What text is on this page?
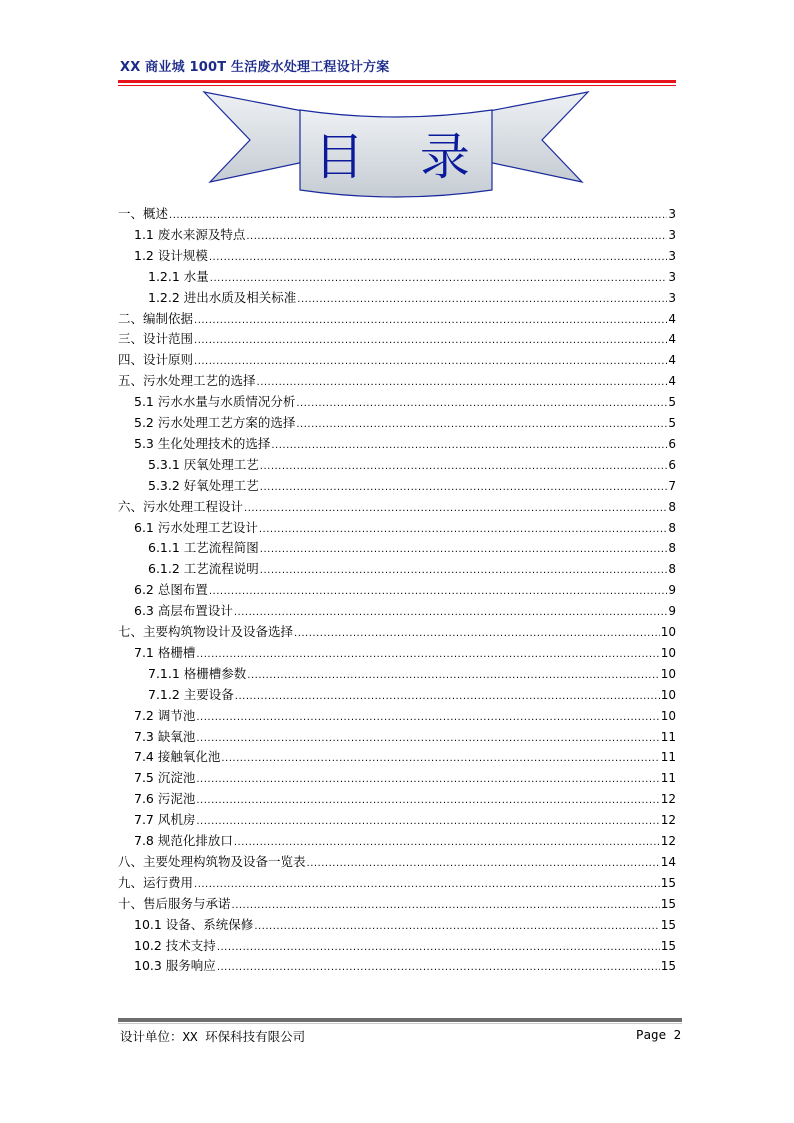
XX 商业城 100T 生活废水处理工程设计方案
目  录
一、概述 .....	3
1.1 废水来源及特点 .....	3
1.2 设计规模 .....	3
1.2.1 水量 .....	3
1.2.2 进出水质及相关标准 .....	3
二、编制依据 .....	4
三、设计范围 .....	4
四、设计原则 .....	4
五、污水处理工艺的选择 .....	4
5.1 污水水量与水质情况分析 .....	5
5.2 污水处理工艺方案的选择 .....	5
5.3 生化处理技术的选择 .....	6
5.3.1 厌氧处理工艺 .....	6
5.3.2 好氧处理工艺 .....	7
六、污水处理工程设计 .....	8
6.1 污水处理工艺设计 .....	8
6.1.1 工艺流程简图 .....	8
6.1.2 工艺流程说明 .....	8
6.2 总图布置 .....	9
6.3 高层布置设计 .....	9
七、主要构筑物设计及设备选择 .....	10
7.1 格栅槽 .....	10
7.1.1 格栅槽参数 .....	10
7.1.2 主要设备 .....	10
7.2 调节池 .....	10
7.3 缺氧池 .....	11
7.4 接触氧化池 .....	11
7.5 沉淀池 .....	11
7.6 污泥池 .....	12
7.7 风机房 .....	12
7.8 规范化排放口 .....	12
八、主要处理构筑物及设备一览表 .....	14
九、运行费用 .....	15
十、售后服务与承诺 .....	15
10.1 设备、系统保修 .....	15
10.2 技术支持 .....	15
10.3 服务响应 .....	15
设计单位：XX 环保科技有限公司	Page 2
